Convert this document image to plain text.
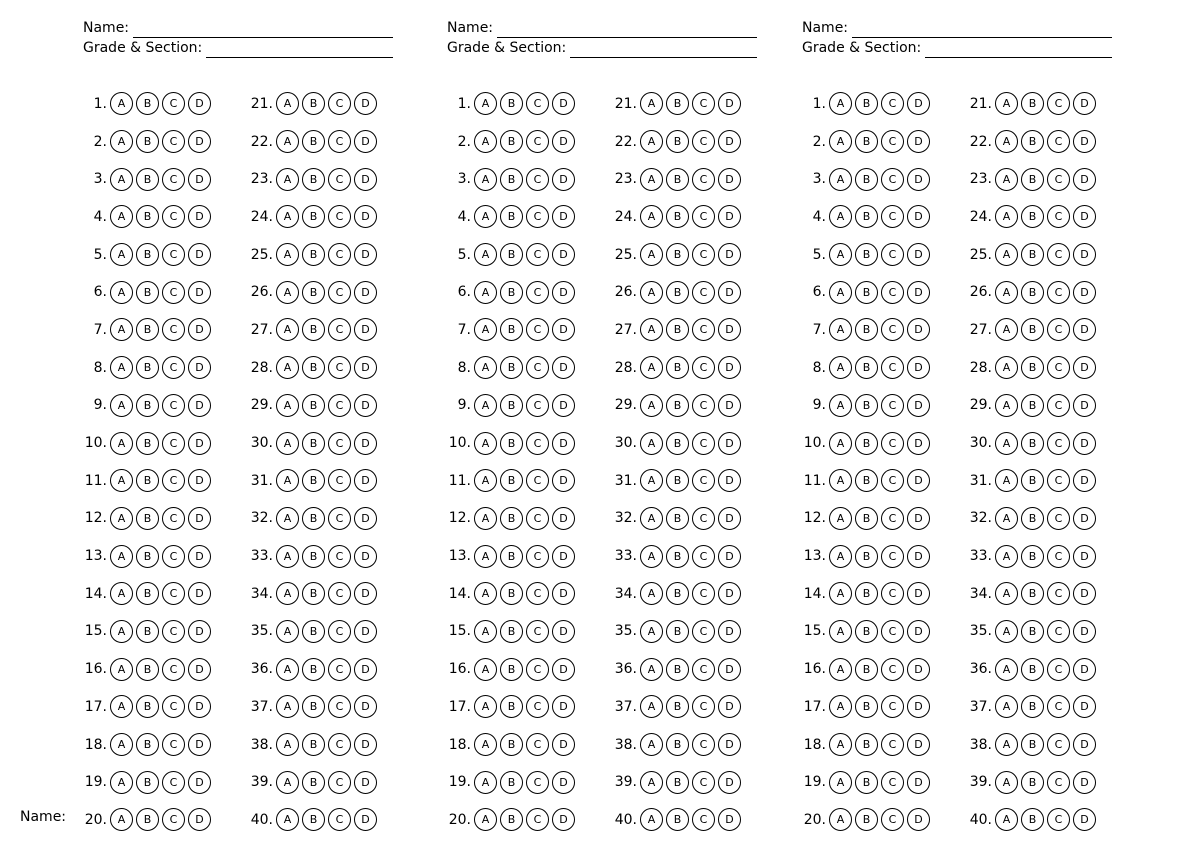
Name:
Name:
Grade & Section:
1. A	B	C	D
2. A	B	C	D
3. A	B	C	D
4. A	B	C	D
5. A	B	C	D
6. A	B	C	D
7. A	B	C	D
8. A	B	C	D
9. A	B	C	D
10. A	B	C	D
11. A	B	C	D
12. A	B	C	D
13. A	B	C	D
14. A	B	C	D
15. A	B	C	D
16. A	B	C	D
17. A	B	C	D
18. A	B	C	D
19. A	B	C	D
20. A	B	C	D
21. A	B	C	D
22. A	B	C	D
23. A	B	C	D
24. A	B	C	D
25. A	B	C	D
26. A	B	C	D
27. A	B	C	D
28. A	B	C	D
29. A	B	C	D
30. A	B	C	D
31. A	B	C	D
32. A	B	C	D
33. A	B	C	D
34. A	B	C	D
35. A	B	C	D
36. A	B	C	D
37. A	B	C	D
38. A	B	C	D
39. A	B	C	D
40. A	B	C	D
Name:
Grade & Section:
1. A	B	C	D
2. A	B	C	D
3. A	B	C	D
4. A	B	C	D
5. A	B	C	D
6. A	B	C	D
7. A	B	C	D
8. A	B	C	D
9. A	B	C	D
10. A	B	C	D
11. A	B	C	D
12. A	B	C	D
13. A	B	C	D
14. A	B	C	D
15. A	B	C	D
16. A	B	C	D
17. A	B	C	D
18. A	B	C	D
19. A	B	C	D
20. A	B	C	D
21. A	B	C	D
22. A	B	C	D
23. A	B	C	D
24. A	B	C	D
25. A	B	C	D
26. A	B	C	D
27. A	B	C	D
28. A	B	C	D
29. A	B	C	D
30. A	B	C	D
31. A	B	C	D
32. A	B	C	D
33. A	B	C	D
34. A	B	C	D
35. A	B	C	D
36. A	B	C	D
37. A	B	C	D
38. A	B	C	D
39. A	B	C	D
40. A	B	C	D
Name:
Grade & Section:
1. A	B	C	D
2. A	B	C	D
3. A	B	C	D
4. A	B	C	D
5. A	B	C	D
6. A	B	C	D
7. A	B	C	D
8. A	B	C	D
9. A	B	C	D
10. A	B	C	D
11. A	B	C	D
12. A	B	C	D
13. A	B	C	D
14. A	B	C	D
15. A	B	C	D
16. A	B	C	D
17. A	B	C	D
18. A	B	C	D
19. A	B	C	D
20. A	B	C	D
21. A	B	C	D
22. A	B	C	D
23. A	B	C	D
24. A	B	C	D
25. A	B	C	D
26. A	B	C	D
27. A	B	C	D
28. A	B	C	D
29. A	B	C	D
30. A	B	C	D
31. A	B	C	D
32. A	B	C	D
33. A	B	C	D
34. A	B	C	D
35. A	B	C	D
36. A	B	C	D
37. A	B	C	D
38. A	B	C	D
39. A	B	C	D
40. A	B	C	D
